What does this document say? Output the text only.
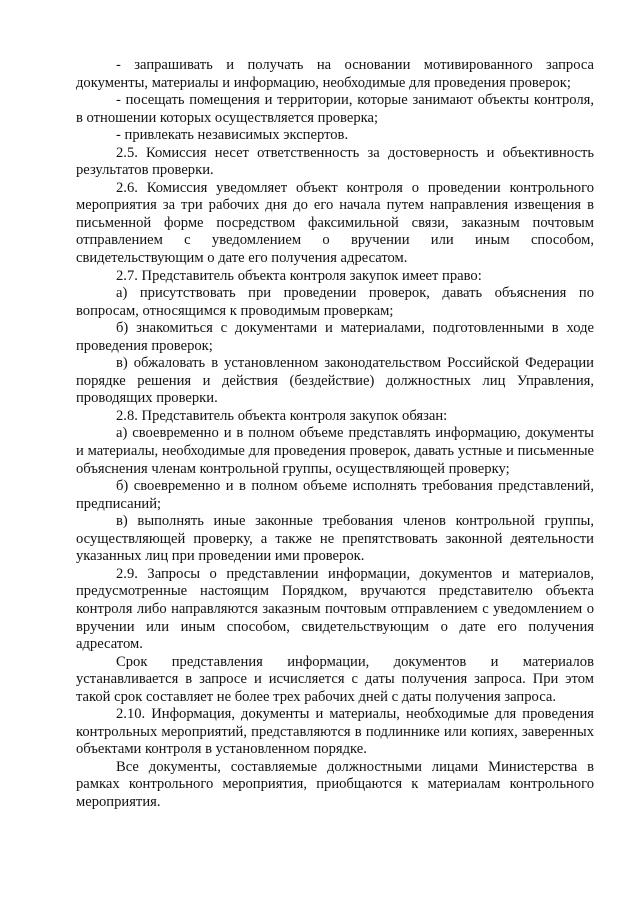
- запрашивать и получать на основании мотивированного запроса документы, материалы и информацию, необходимые для проведения проверок;

- посещать помещения и территории, которые занимают объекты контроля, в отношении которых осуществляется проверка;

- привлекать независимых экспертов.

2.5. Комиссия несет ответственность за достоверность и объективность результатов проверки.

2.6. Комиссия уведомляет объект контроля о проведении контрольного мероприятия за три рабочих дня до его начала путем направления извещения в письменной форме посредством факсимильной связи, заказным почтовым отправлением с уведомлением о вручении или иным способом, свидетельствующим о дате его получения адресатом.

2.7. Представитель объекта контроля закупок имеет право:

а) присутствовать при проведении проверок, давать объяснения по вопросам, относящимся к проводимым проверкам;

б) знакомиться с документами и материалами, подготовленными в ходе проведения проверок;

в) обжаловать в установленном законодательством Российской Федерации порядке решения и действия (бездействие) должностных лиц Управления, проводящих проверки.

2.8. Представитель объекта контроля закупок обязан:

а) своевременно и в полном объеме представлять информацию, документы и материалы, необходимые для проведения проверок, давать устные и письменные объяснения членам контрольной группы, осуществляющей проверку;

б) своевременно и в полном объеме исполнять требования представлений, предписаний;

в) выполнять иные законные требования членов контрольной группы, осуществляющей проверку, а также не препятствовать законной деятельности указанных лиц при проведении ими проверок.

2.9. Запросы о представлении информации, документов и материалов, предусмотренные настоящим Порядком, вручаются представителю объекта контроля либо направляются заказным почтовым отправлением с уведомлением о вручении или иным способом, свидетельствующим о дате его получения адресатом.

Срок представления информации, документов и материалов устанавливается в запросе и исчисляется с даты получения запроса. При этом такой срок составляет не более трех рабочих дней с даты получения запроса.

2.10. Информация, документы и материалы, необходимые для проведения контрольных мероприятий, представляются в подлиннике или копиях, заверенных объектами контроля в установленном порядке.

Все документы, составляемые должностными лицами Министерства в рамках контрольного мероприятия, приобщаются к материалам контрольного мероприятия.
